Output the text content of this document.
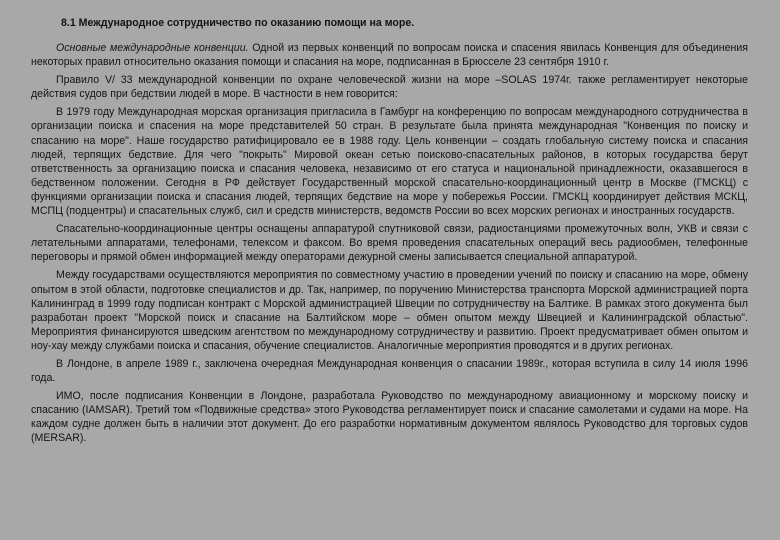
8.1 Международное сотрудничество по оказанию помощи на море.

Основные международные конвенции. Одной из первых конвенций по вопросам поиска и спасения явилась Конвенция для объединения некоторых правил относительно оказания помощи и спасания на море, подписанная в Брюсселе 23 сентября 1910 г.

Правило V/ 33 международной конвенции по охране человеческой жизни на море –SOLAS 1974г. также регламентирует некоторые действия судов при бедствии людей в море. В частности в нем говорится:

В 1979 году Международная морская организация пригласила в Гамбург на конференцию по вопросам международного сотрудничества в организации поиска и спасения на море представителей 50 стран. В результате была принята международная "Конвенция по поиску и спасанию на море". Наше государство ратифицировало ее в 1988 году. Цель конвенции – создать глобальную систему поиска и спасания людей, терпящих бедствие. Для чего "покрыть" Мировой океан сетью поисково-спасательных районов, в которых государства берут ответственность за организацию поиска и спасания человека, независимо от его статуса и национальной принадлежности, оказавшегося в бедственном положении. Сегодня в РФ действует Государственный морской спасательно-координационный центр в Москве (ГМСКЦ) с функциями организации поиска и спасания людей, терпящих бедствие на море у побережья России. ГМСКЦ координирует действия МСКЦ, МСПЦ (подцентры) и спасательных служб, сил и средств министерств, ведомств России во всех морских регионах и иностранных государств.

Спасательно-координационные центры оснащены аппаратурой спутниковой связи, радиостанциями промежуточных волн, УКВ и связи с летательными аппаратами, телефонами, телексом и факсом. Во время проведения спасательных операций весь радиообмен, телефонные переговоры и прямой обмен информацией между операторами дежурной смены записывается специальной аппаратурой.

Между государствами осуществляются мероприятия по совместному участию в проведении учений по поиску и спасанию на море, обмену опытом в этой области, подготовке специалистов и др. Так, например, по поручению Министерства транспорта Морской администрацией порта Калининград в 1999 году подписан контракт с Морской администрацией Швеции по сотрудничеству на Балтике. В рамках этого документа был разработан проект "Морской поиск и спасание на Балтийском море – обмен опытом между Швецией и Калининградской областью". Мероприятия финансируются шведским агентством по международному сотрудничеству и развитию. Проект предусматривает обмен опытом и ноу-хау между службами поиска и спасания, обучение специалистов. Аналогичные мероприятия проводятся и в других регионах.

В Лондоне, в апреле 1989 г., заключена очередная Международная конвенция о спасании 1989г., которая вступила в силу 14 июля 1996 года.

ИМО, после подписания Конвенции в Лондоне, разработала Руководство по международному авиационному и морскому поиску и спасанию (IAMSAR). Третий том «Подвижные средства» этого Руководства регламентирует поиск и спасание самолетами и судами на море. На каждом судне должен быть в наличии этот документ. До его разработки нормативным документом являлось Руководство для торговых судов (MERSAR).
